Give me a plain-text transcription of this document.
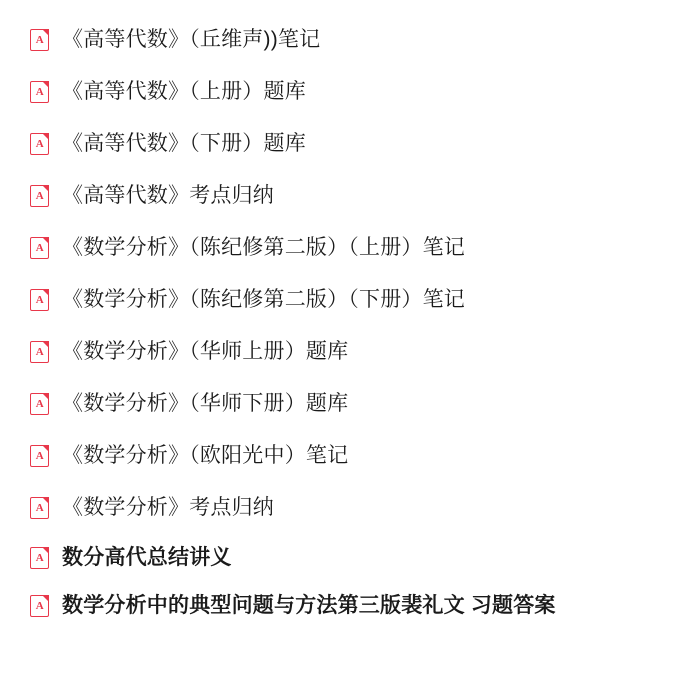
A 《高等代数》（丘维声))笔记
A 《高等代数》（上册）题库
A 《高等代数》（下册）题库
A 《高等代数》考点归纳
A 《数学分析》（陈纪修第二版）（上册）笔记
A 《数学分析》（陈纪修第二版）（下册）笔记
A 《数学分析》（华师上册）题库
A 《数学分析》（华师下册）题库
A 《数学分析》（欧阳光中）笔记
A 《数学分析》考点归纳
A 数分高代总结讲义
A 数学分析中的典型问题与方法第三版裴礼文 习题答案
